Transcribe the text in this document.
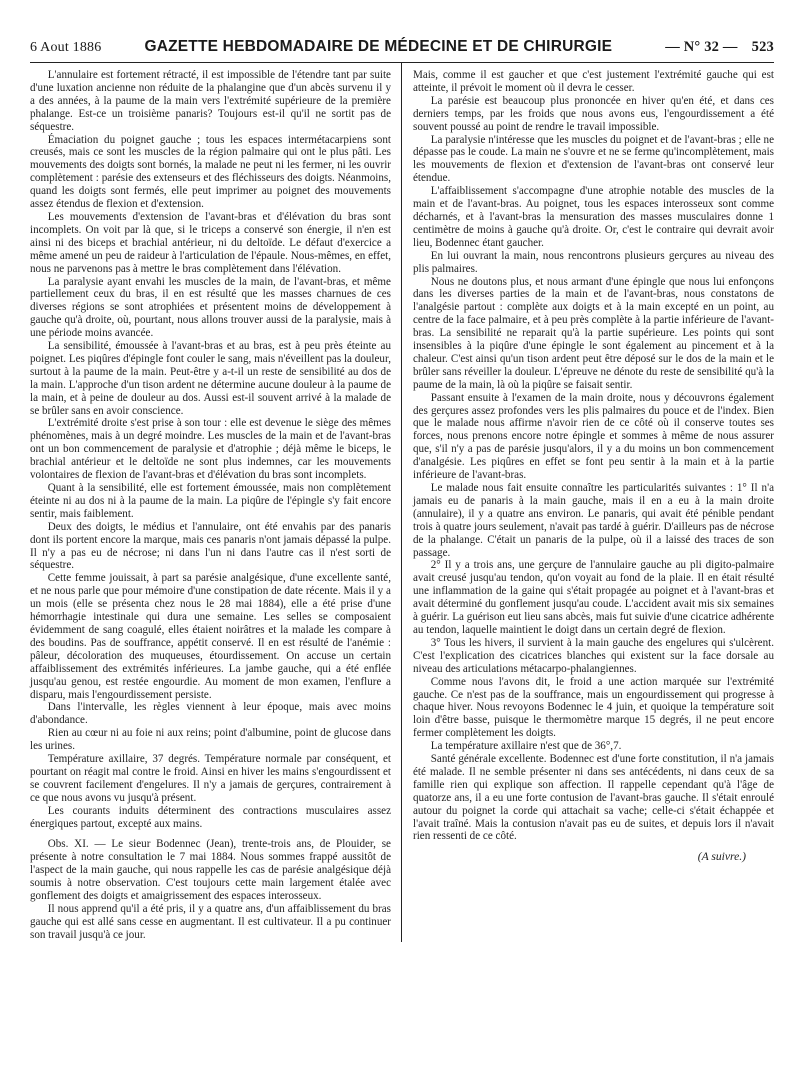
6 Aout 1886	GAZETTE HEBDOMADAIRE DE MÉDECINE ET DE CHIRURGIE	— N° 32 — 523

L'annulaire est fortement rétracté, il est impossible de l'étendre tant par suite d'une luxation ancienne non réduite de la phalangine que d'un abcès survenu il y a des années, à la paume de la main vers l'extrémité supérieure de la première phalange. Est-ce un troisième panaris? Toujours est-il qu'il ne sortit pas de séquestre.

Émaciation du poignet gauche ; tous les espaces intermétacarpiens sont creusés, mais ce sont les muscles de la région palmaire qui ont le plus pâti. Les mouvements des doigts sont bornés, la malade ne peut ni les fermer, ni les ouvrir complètement : parésie des extenseurs et des fléchisseurs des doigts. Néanmoins, quand les doigts sont fermés, elle peut imprimer au poignet des mouvements assez étendus de flexion et d'extension.

Les mouvements d'extension de l'avant-bras et d'élévation du bras sont incomplets. On voit par là que, si le triceps a conservé son énergie, il n'en est ainsi ni des biceps et brachial antérieur, ni du deltoïde. Le défaut d'exercice a même amené un peu de raideur à l'articulation de l'épaule. Nous-mêmes, en effet, nous ne parvenons pas à mettre le bras complètement dans l'élévation.

La paralysie ayant envahi les muscles de la main, de l'avant-bras, et même partiellement ceux du bras, il en est résulté que les masses charnues de ces diverses régions se sont atrophiées et présentent moins de développement à gauche qu'à droite, où, pourtant, nous allons trouver aussi de la paralysie, mais à une période moins avancée.

La sensibilité, émoussée à l'avant-bras et au bras, est à peu près éteinte au poignet. Les piqûres d'épingle font couler le sang, mais n'éveillent pas la douleur, surtout à la paume de la main. Peut-être y a-t-il un reste de sensibilité au dos de la main. L'approche d'un tison ardent ne détermine aucune douleur à la paume de la main, et à peine de douleur au dos. Aussi est-il souvent arrivé à la malade de se brûler sans en avoir conscience.

L'extrémité droite s'est prise à son tour : elle est devenue le siège des mêmes phénomènes, mais à un degré moindre. Les muscles de la main et de l'avant-bras ont un bon commencement de paralysie et d'atrophie ; déjà même le biceps, le brachial antérieur et le deltoïde ne sont plus indemnes, car les mouvements volontaires de flexion de l'avant-bras et d'élévation du bras sont incomplets.

Quant à la sensibilité, elle est fortement émoussée, mais non complètement éteinte ni au dos ni à la paume de la main. La piqûre de l'épingle s'y fait encore sentir, mais faiblement.

Deux des doigts, le médius et l'annulaire, ont été envahis par des panaris dont ils portent encore la marque, mais ces panaris n'ont jamais dépassé la pulpe. Il n'y a pas eu de nécrose; ni dans l'un ni dans l'autre cas il n'est sorti de séquestre.

Cette femme jouissait, à part sa parésie analgésique, d'une excellente santé, et ne nous parle que pour mémoire d'une constipation de date récente. Mais il y a un mois (elle se présenta chez nous le 28 mai 1884), elle a été prise d'une hémorrhagie intestinale qui dura une semaine. Les selles se composaient évidemment de sang coagulé, elles étaient noirâtres et la malade les compare à des boudins. Pas de souffrance, appétit conservé. Il en est résulté de l'anémie : pâleur, décoloration des muqueuses, étourdissement. On accuse un certain affaiblissement des extrémités inférieures. La jambe gauche, qui a été enflée jusqu'au genou, est restée engourdie. Au moment de mon examen, l'enflure a disparu, mais l'engourdissement persiste.

Dans l'intervalle, les règles viennent à leur époque, mais avec moins d'abondance.

Rien au cœur ni au foie ni aux reins; point d'albumine, point de glucose dans les urines.

Température axillaire, 37 degrés. Température normale par conséquent, et pourtant on réagit mal contre le froid. Ainsi en hiver les mains s'engourdissent et se couvrent facilement d'engelures. Il n'y a jamais de gerçures, contrairement à ce que nous avons vu jusqu'à présent.

Les courants induits déterminent des contractions musculaires assez énergiques partout, excepté aux mains.

Obs. XI. — Le sieur Bodennec (Jean), trente-trois ans, de Plouider, se présente à notre consultation le 7 mai 1884. Nous sommes frappé aussitôt de l'aspect de la main gauche, qui nous rappelle les cas de parésie analgésique déjà soumis à notre observation. C'est toujours cette main largement étalée avec gonflement des doigts et amaigrissement des espaces interosseux.

Il nous apprend qu'il a été pris, il y a quatre ans, d'un affaiblissement du bras gauche qui est allé sans cesse en augmentant. Il est cultivateur. Il a pu continuer son travail jusqu'à ce jour.

Mais, comme il est gaucher et que c'est justement l'extrémité gauche qui est atteinte, il prévoit le moment où il devra le cesser.

La parésie est beaucoup plus prononcée en hiver qu'en été, et dans ces derniers temps, par les froids que nous avons eus, l'engourdissement a été souvent poussé au point de rendre le travail impossible.

La paralysie n'intéresse que les muscles du poignet et de l'avant-bras ; elle ne dépasse pas le coude. La main ne s'ouvre et ne se ferme qu'incomplètement, mais les mouvements de flexion et d'extension de l'avant-bras ont conservé leur étendue.

L'affaiblissement s'accompagne d'une atrophie notable des muscles de la main et de l'avant-bras. Au poignet, tous les espaces interosseux sont comme décharnés, et à l'avant-bras la mensuration des masses musculaires donne 1 centimètre de moins à gauche qu'à droite. Or, c'est le contraire qui devrait avoir lieu, Bodennec étant gaucher.

En lui ouvrant la main, nous rencontrons plusieurs gerçures au niveau des plis palmaires.

Nous ne doutons plus, et nous armant d'une épingle que nous lui enfonçons dans les diverses parties de la main et de l'avant-bras, nous constatons de l'analgésie partout : complète aux doigts et à la main excepté en un point, au centre de la face palmaire, et à peu près complète à la partie inférieure de l'avant-bras. La sensibilité ne reparait qu'à la partie supérieure. Les points qui sont insensibles à la piqûre d'une épingle le sont également au pincement et à la chaleur. C'est ainsi qu'un tison ardent peut être déposé sur le dos de la main et le brûler sans réveiller la douleur. L'épreuve ne dénote du reste de sensibilité qu'à la paume de la main, là où la piqûre se faisait sentir.

Passant ensuite à l'examen de la main droite, nous y découvrons également des gerçures assez profondes vers les plis palmaires du pouce et de l'index. Bien que le malade nous affirme n'avoir rien de ce côté où il conserve toutes ses forces, nous prenons encore notre épingle et sommes à même de nous assurer que, s'il n'y a pas de parésie jusqu'alors, il y a du moins un bon commencement d'analgésie. Les piqûres en effet se font peu sentir à la main et à la partie inférieure de l'avant-bras.

Le malade nous fait ensuite connaître les particularités suivantes : 1° Il n'a jamais eu de panaris à la main gauche, mais il en a eu à la main droite (annulaire), il y a quatre ans environ. Le panaris, qui avait été pénible pendant trois à quatre jours seulement, n'avait pas tardé à guérir. D'ailleurs pas de nécrose de la phalange. C'était un panaris de la pulpe, où il a laissé des traces de son passage.

2° Il y a trois ans, une gerçure de l'annulaire gauche au pli digito-palmaire avait creusé jusqu'au tendon, qu'on voyait au fond de la plaie. Il en était résulté une inflammation de la gaine qui s'était propagée au poignet et à l'avant-bras et avait déterminé du gonflement jusqu'au coude. L'accident avait mis six semaines à guérir. La guérison eut lieu sans abcès, mais fut suivie d'une cicatrice adhérente au tendon, laquelle maintient le doigt dans un certain degré de flexion.

3° Tous les hivers, il survient à la main gauche des engelures qui s'ulcèrent. C'est l'explication des cicatrices blanches qui existent sur la face dorsale au niveau des articulations métacarpo-phalangiennes.

Comme nous l'avons dit, le froid a une action marquée sur l'extrémité gauche. Ce n'est pas de la souffrance, mais un engourdissement qui progresse à chaque hiver. Nous revoyons Bodennec le 4 juin, et quoique la température soit loin d'être basse, puisque le thermomètre marque 15 degrés, il ne peut encore fermer complètement les doigts.

La température axillaire n'est que de 36°,7.

Santé générale excellente. Bodennec est d'une forte constitution, il n'a jamais été malade. Il ne semble présenter ni dans ses antécédents, ni dans ceux de sa famille rien qui explique son affection. Il rappelle cependant qu'à l'âge de quatorze ans, il a eu une forte contusion de l'avant-bras gauche. Il s'était enroulé autour du poignet la corde qui attachait sa vache; celle-ci s'était échappée et l'avait traîné. Mais la contusion n'avait pas eu de suites, et depuis lors il n'avait rien ressenti de ce côté.

(A suivre.)
